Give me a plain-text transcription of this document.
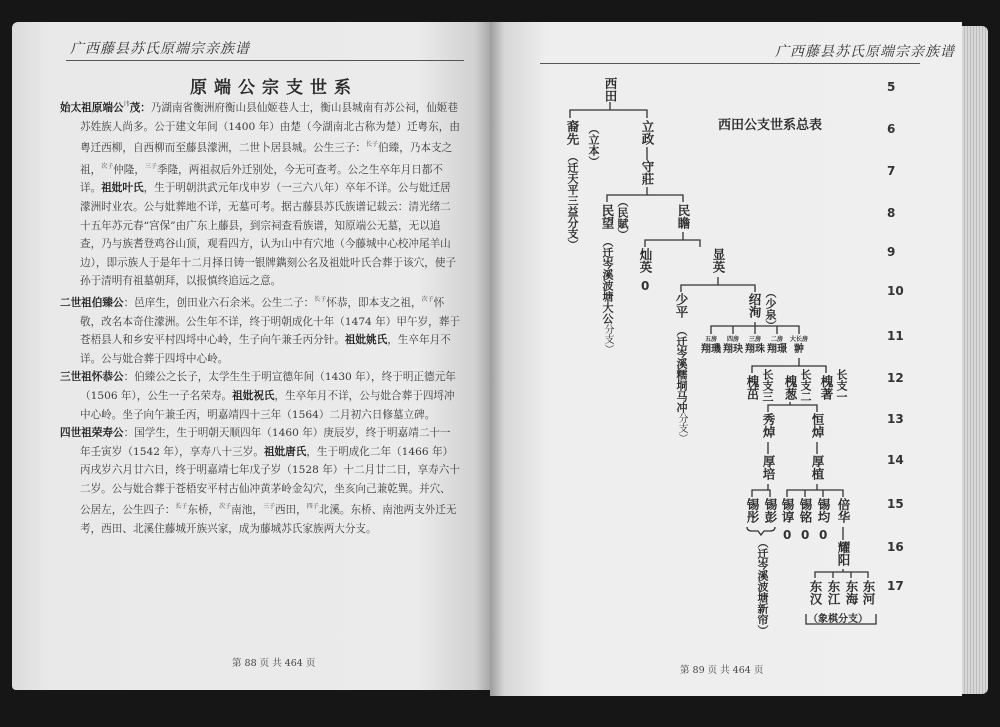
广西藤县苏氏原端宗亲族谱
原端公宗支世系

始太祖原端公$^讳$茂：乃湖南省衡洲府衡山县仙姬巷人士，衡山县城南有苏公祠，仙姬巷苏姓族人尚多。公于建文年间（1400 年）由楚（今湖南北古称为楚）迁粤东，由粤迁西柳，自西柳而至藤县濛洲，二世卜居县城。公生三子：$^{长子}$伯臻，乃本支之祖，$^{次子}$仲隆，$^{三子}$季隆，两祖叔后外迁别处，今无可查考。公之生卒年月日都不详。祖妣叶氏，生于明朝洪武元年戊申岁（一三六八年）卒年不详。公与妣迁居濛洲时业农。公与妣葬地不详，无墓可考。据古藤县苏氏族谱记载云：清光绪二十五年苏元春“宫保”由广东上藤县，到宗祠查看族谱，知原端公无墓，无以追查，乃与族耆登鸡谷山顶，观看四方，认为山中有穴地（今藤城中心校冲尾羊山边），即示族人于是年十二月择日铸一银牌鐫刻公名及祖妣叶氏合葬于该穴，使子孙于清明有祖墓朝拜，以报慎终追远之意。

二世祖伯臻公：邑庠生，创田业六石余米。公生二子：$^{长子}$怀恭，即本支之祖，$^{次子}$怀敬，改名本奇住濛洲。公生年不详，终于明朝成化十年（1474 年）甲午岁，葬于苍梧县人和乡安平村四埒中心岭，生子向午兼壬丙分针。祖妣姚氏，生卒年月不详。公与妣合葬于四埒中心岭。

三世祖怀恭公：伯臻公之长子，太学生生于明宣德年间（1430 年），终于明正德元年（1506 年），公生一子名荣寿。祖妣祝氏，生卒年月不详，公与妣合葬于四埒冲中心岭。坐子向午兼壬丙，明嘉靖四十三年（1564）二月初六日修墓立碑。

四世祖荣寿公：国学生，生于明朝天顺四年（1460 年）庚辰岁，终于明嘉靖二十一年壬寅岁（1542 年），享寿八十三岁。祖妣唐氏，生于明成化二年（1466 年）丙戌岁六月廿六日，终于明嘉靖七年戊子岁（1528 年）十二月廿二日，享寿六十二岁。公与妣合葬于苍梧安平村古仙冲黄茅岭金勾穴，坐亥向己兼乾巽。并穴、公居左，公生四子：$^{长子}$东桥，$^{次子}$南池，$^{三子}$西田，$^{四子}$北溪。东桥、南池两支外迁无考，西田、北溪住藤城开族兴家，成为藤城苏氏家族两大分支。

第 88 页 共 464 页
广西藤县苏氏原端宗亲族谱
西田公支世系总表
5
6
7
8
9
10
11
12
13
14
15
16
17
西田
裔先
（迁天平三益分支）
（立本）	立政
守莊
民望 （民賦）
（迁岑溪波塘大公分支）
民瞻
灿英
0
显英
少平
（迁岑溪糯垌马冲分支）
绍洵 （少泉）
五房
翔璣
四房
翔玦
三房
翔珠
二房
翔璟
大长房
翀
槐茁 长支三 槐葱 长支二 槐著 长支一
秀焯	恒焯
厚培	厚植
锡彤 锡彭 锡谆 锡铭 锡均 倍华
0 0 0
（迁岑溪波塘新帘）	耀阳
东汉 东江 东海 东河
（象棋分支）
第 89 页 共 464 页
